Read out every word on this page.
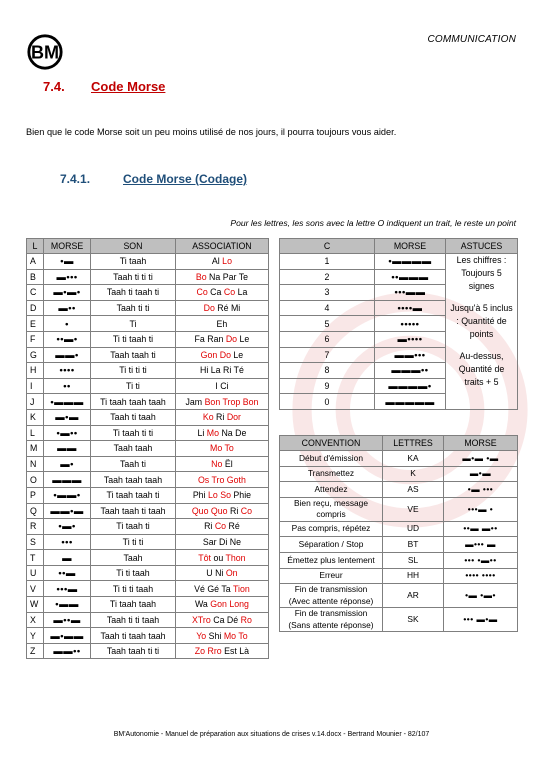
BM
COMMUNICATION
7.4. Code Morse
Bien que le code Morse soit un peu moins utilisé de nos jours, il pourra toujours vous aider.
7.4.1.	Code Morse (Codage)
Pour les lettres, les sons avec la lettre O indiquent un trait, le reste un point
L	MORSE	SON	ASSOCIATION
A	•▬	Ti taah	Al Lo
B	▬•••	Taah ti ti ti	Bo Na Par Te
C	▬•▬•	Taah ti taah ti	Co Ca Co La
D	▬••	Taah ti ti	Do Ré Mi
E	•	Ti	Eh
F	••▬•	Ti ti taah ti	Fa Ran Do Le
G	▬▬•	Taah taah ti	Gon Do Le
H	••••	Ti ti ti ti	Hi La Ri Té
I	••	Ti ti	I Ci
J	•▬▬▬	Ti taah taah taah	Jam Bon Trop Bon
K	▬•▬	Taah ti taah	Ko Ri Dor
L	•▬••	Ti taah ti ti	Li Mo Na De
M	▬▬	Taah taah	Mo To
N	▬•	Taah ti	No Ël
O	▬▬▬	Taah taah taah	Os Tro Goth
P	•▬▬•	Ti taah taah ti	Phi Lo So Phie
Q	▬▬•▬	Taah taah ti taah	Quo Quo Ri Co
R	•▬•	Ti taah ti	Ri Co Ré
S	•••	Ti ti ti	Sar Di Ne
T	▬	Taah	Tôt ou Thon
U	••▬	Ti ti taah	U Ni On
V	•••▬	Ti ti ti taah	Vé Gé Ta Tion
W	•▬▬	Ti taah taah	Wa Gon Long
X	▬••▬	Taah ti ti taah	XTro Ca Dé Ro
Y	▬•▬▬	Taah ti taah taah	Yo Shi Mo To
Z	▬▬••	Taah taah ti ti	Zo Rro Est Là
C	MORSE	ASTUCES
1	•▬▬▬▬	Les chiffres : Toujours 5 signes
Jusqu'à 5 inclus : Quantité de points
Au-dessus, Quantité de traits + 5

2	••▬▬▬	
3	•••▬▬	
4	••••▬	
5	•••••	
6	▬••••	
7	▬▬•••	
8	▬▬▬••	
9	▬▬▬▬•	
0	▬▬▬▬▬	
CONVENTION	LETTRES	MORSE
Début d'émission	KA	▬•▬ •▬
Transmettez	K	▬•▬
Attendez	AS	•▬ •••
Bien reçu, message compris	VE	•••▬ •
Pas compris, répétez	UD	••▬ ▬••
Séparation / Stop	BT	▬••• ▬
Émettez plus lentement	SL	••• •▬••
Erreur	HH	•••• ••••
Fin de transmission (Avec attente réponse)	AR	•▬ •▬•
Fin de transmission (Sans attente réponse)	SK	••• ▬•▬
BM'Autonomie - Manuel de préparation aux situations de crises v.14.docx - Bertrand Mounier - 82/107
